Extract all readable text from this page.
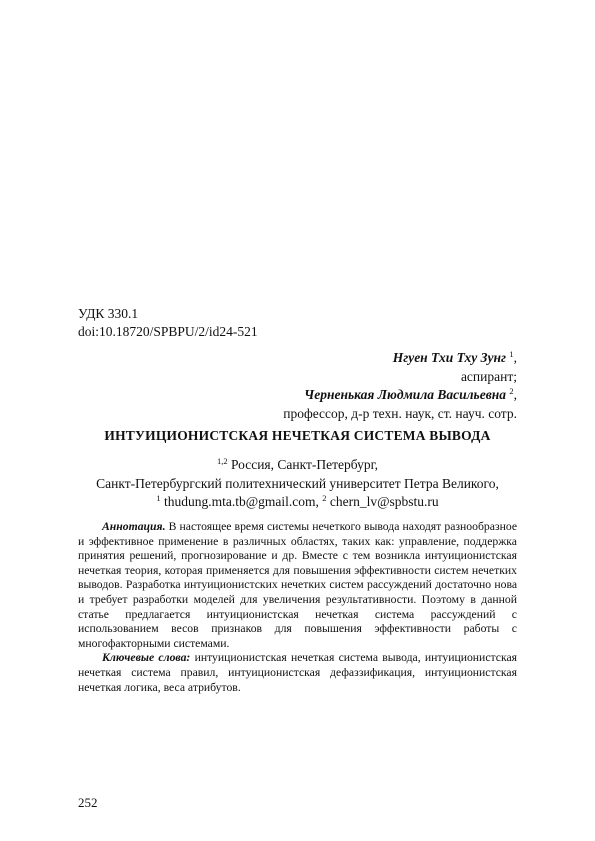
УДК 330.1
doi:10.18720/SPBPU/2/id24-521
Нгуен Тхи Тху Зунг $^1$,
аспирант;
Черненькая Людмила Васильевна $^2$,
профессор, д-р техн. наук, ст. науч. сотр.
ИНТУИЦИОНИСТСКАЯ НЕЧЕТКАЯ СИСТЕМА ВЫВОДА
$^{1,2}$ Россия, Санкт-Петербург,
Санкт-Петербургский политехнический университет Петра Великого,
$^1$ thudung.mta.tb@gmail.com, $^2$ chern_lv@spbstu.ru

Аннотация. В настоящее время системы нечеткого вывода находят разнообразное и эффективное применение в различных областях, таких как: управление, поддержка принятия решений, прогнозирование и др. Вместе с тем возникла интуиционистская нечеткая теория, которая применяется для повышения эффективности систем нечетких выводов. Разработка интуиционистских нечетких систем рассуждений достаточно нова и требует разработки моделей для увеличения результативности. Поэтому в данной статье предлагается интуиционистская нечеткая система рассуждений с использованием весов признаков для повышения эффективности работы с многофакторными системами.

Ключевые слова: интуиционистская нечеткая система вывода, интуиционистская нечеткая система правил, интуиционистская дефаззификация, интуиционистская нечеткая логика, веса атрибутов.

252
